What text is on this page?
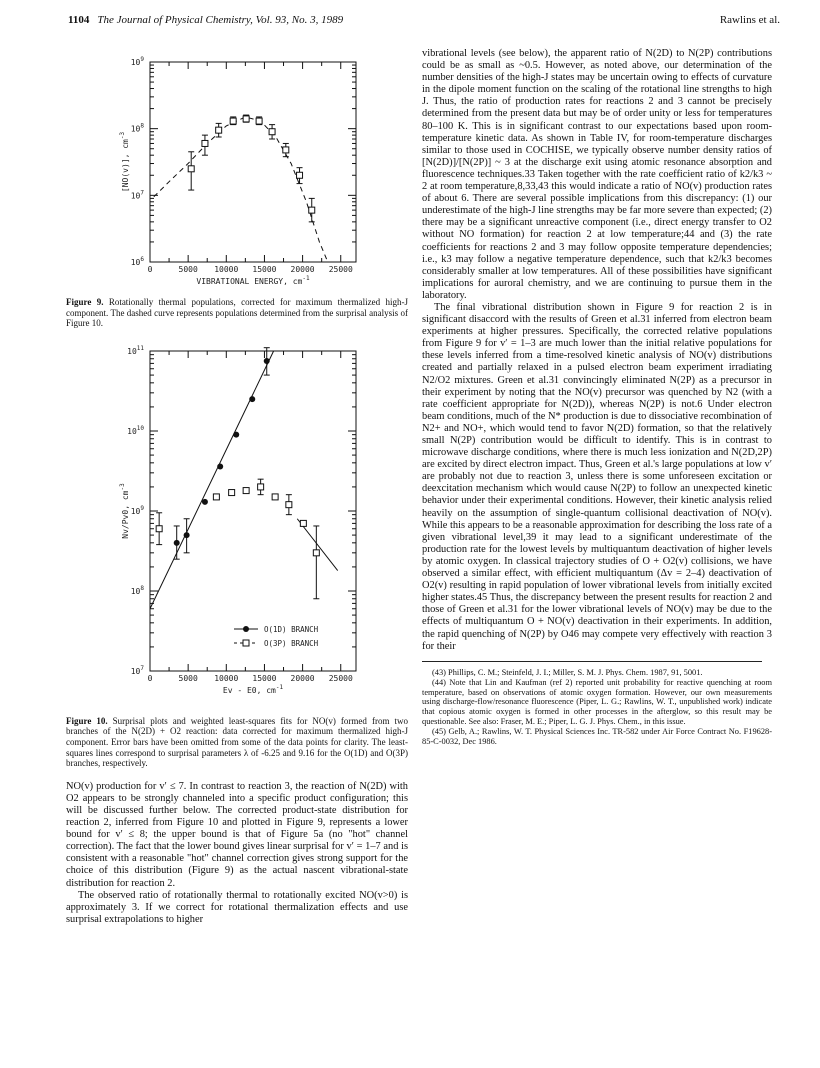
1104 The Journal of Physical Chemistry, Vol. 93, No. 3, 1989	Rawlins et al.
0	5000 10000 15000 20000 25000
$10^6$
$10^7$
$10^8$
$10^9$
VIBRATIONAL ENERGY, $cm^{-1}$
[NO(v)], $cm^{-3}$

Figure 9. Rotationally thermal populations, corrected for maximum thermalized high-J component. The dashed curve represents populations determined from the surprisal analysis of Figure 10.

0	5000 10000 15000 20000 25000
$10^7$
$10^8$
$10^9$
$10^{10}$
$10^{11}$
Ev - E0, $cm^{-1}$
Nv/Pv0, $cm^{-3}$
O(1D) BRANCH
O(3P) BRANCH

Figure 10. Surprisal plots and weighted least-squares fits for NO(v) formed from two branches of the N(2D) + O2 reaction: data corrected for maximum thermalized high-J component. Error bars have been omitted from some of the data points for clarity. The least-squares lines correspond to surprisal parameters λ of -6.25 and 9.16 for the O(1D) and O(3P) branches, respectively.

NO(v) production for v′ ≤ 7. In contrast to reaction 3, the reaction of N(2D) with O2 appears to be strongly channeled into a specific product configuration; this will be discussed further below. The corrected product-state distribution for reaction 2, inferred from Figure 10 and plotted in Figure 9, represents a lower bound for v′ ≤ 8; the upper bound is that of Figure 5a (no "hot" channel correction). The fact that the lower bound gives linear surprisal for v′ = 1–7 and is consistent with a reasonable "hot" channel correction gives strong support for the choice of this distribution (Figure 9) as the actual nascent vibrational-state distribution for reaction 2.

The observed ratio of rotationally thermal to rotationally excited NO(v>0) is approximately 3. If we correct for rotational thermalization effects and use surprisal extrapolations to higher

vibrational levels (see below), the apparent ratio of N(2D) to N(2P) contributions could be as small as ~0.5. However, as noted above, our determination of the number densities of the high-J states may be uncertain owing to effects of curvature in the dipole moment function on the scaling of the rotational line strengths to high J. Thus, the ratio of production rates for reactions 2 and 3 cannot be precisely determined from the present data but may be of order unity or less for temperatures 80–100 K. This is in significant contrast to our expectations based upon room-temperature kinetic data. As shown in Table IV, for room-temperature discharges similar to those used in COCHISE, we typically observe number density ratios of [N(2D)]/[N(2P)] ~ 3 at the discharge exit using atomic resonance absorption and fluorescence techniques.33 Taken together with the rate coefficient ratio of k2/k3 ~ 2 at room temperature,8,33,43 this would indicate a ratio of NO(v) production rates of about 6. There are several possible implications from this discrepancy: (1) our underestimate of the high-J line strengths may be far more severe than expected; (2) there may be a significant unreactive component (i.e., direct energy transfer to O2 without NO formation) for reaction 2 at low temperature;44 and (3) the rate coefficients for reactions 2 and 3 may follow opposite temperature dependencies; i.e., k3 may follow a negative temperature dependence, such that k2/k3 becomes considerably smaller at low temperatures. All of these possibilities have significant implications for auroral chemistry, and we are continuing to pursue them in the laboratory.

The final vibrational distribution shown in Figure 9 for reaction 2 is in significant disaccord with the results of Green et al.31 inferred from electron beam experiments at higher pressures. Specifically, the corrected relative populations from Figure 9 for v′ = 1–3 are much lower than the initial relative populations for these levels inferred from a time-resolved kinetic analysis of NO(v) distributions created and partially relaxed in a pulsed electron beam experiment irradiating N2/O2 mixtures. Green et al.31 convincingly eliminated N(2P) as a precursor in their experiment by noting that the NO(v) precursor was quenched by N2 (with a rate coefficient appropriate for N(2D)), whereas N(2P) is not.6 Under electron beam conditions, much of the N* production is due to dissociative recombination of N2+ and NO+, which would tend to favor N(2D) formation, so that the relatively small N(2P) contribution would be difficult to identify. This is in contrast to microwave discharge conditions, where there is much less ionization and N(2D,2P) are excited by direct electron impact. Thus, Green et al.'s large populations at low v′ are probably not due to reaction 3, unless there is some unforeseen excitation or deexcitation mechanism which would cause N(2P) to follow an unexpected kinetic behavior under their experimental conditions. However, their kinetic analysis relied heavily on the assumption of single-quantum collisional deactivation of NO(v). While this appears to be a reasonable approximation for describing the loss rate of a given vibrational level,39 it may lead to a significant underestimate of the production rate for the lowest levels by multiquantum deactivation of higher levels by atomic oxygen. In classical trajectory studies of O + O2(v) collisions, we have observed a similar effect, with efficient multiquantum (Δv = 2–4) deactivation of O2(v) resulting in rapid population of lower vibrational levels from initially excited higher states.45 Thus, the discrepancy between the present results for reaction 2 and those of Green et al.31 for the lower vibrational levels of NO(v) may be due to the effects of multiquantum O + NO(v) deactivation in their experiments. In addition, the rapid quenching of N(2P) by O46 may compete very effectively with reaction 3 for their

(43) Phillips, C. M.; Steinfeld, J. I.; Miller, S. M. J. Phys. Chem. 1987, 91, 5001.

(44) Note that Lin and Kaufman (ref 2) reported unit probability for reactive quenching at room temperature, based on observations of atomic oxygen formation. However, our own measurements using discharge-flow/resonance fluorescence (Piper, L. G.; Rawlins, W. T., unpublished work) indicate that copious atomic oxygen is formed in other processes in the afterglow, so this result may be questionable. See also: Fraser, M. E.; Piper, L. G. J. Phys. Chem., in this issue.

(45) Gelb, A.; Rawlins, W. T. Physical Sciences Inc. TR-582 under Air Force Contract No. F19628-85-C-0032, Dec 1986.
